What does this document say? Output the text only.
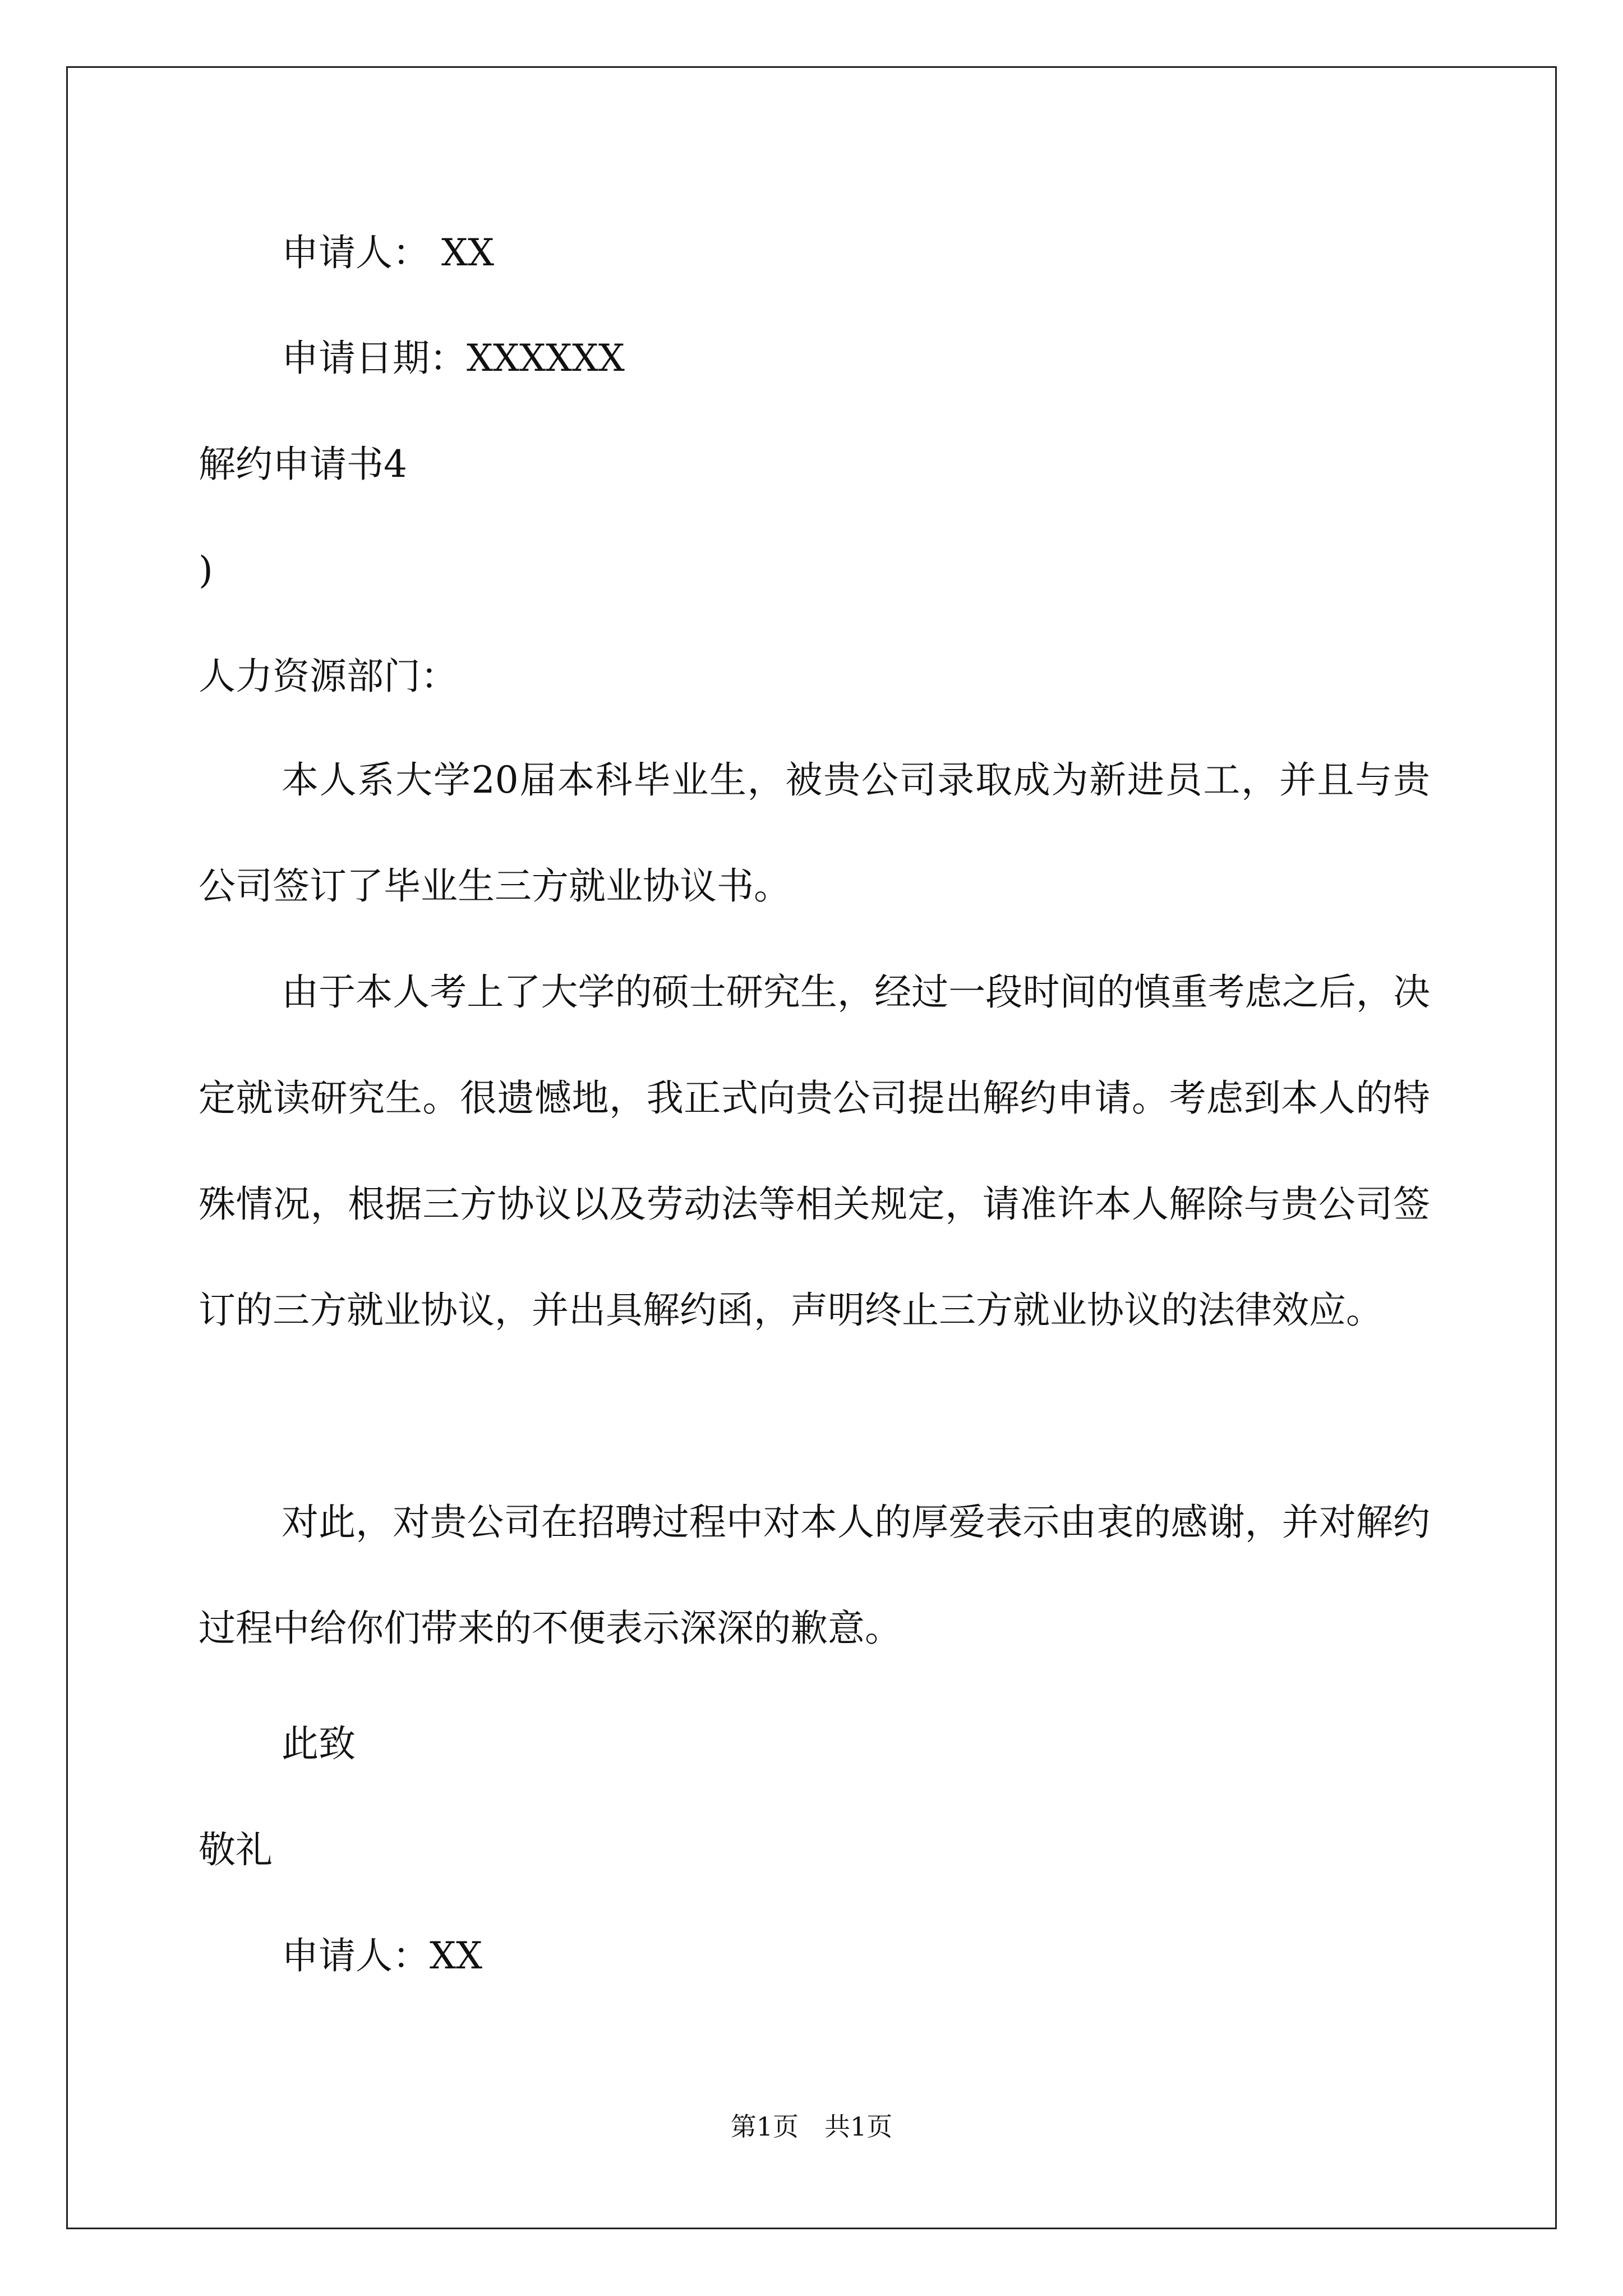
申请人： XX
申请日期：XXXXXX
解约申请书4
)
人力资源部门：

本人系大学20届本科毕业生，被贵公司录取成为新进员工，并且与贵公司签订了毕业生三方就业协议书。

由于本人考上了大学的硕士研究生，经过一段时间的慎重考虑之后，决定就读研究生。很遗憾地，我正式向贵公司提出解约申请。考虑到本人的特殊情况，根据三方协议以及劳动法等相关规定，请准许本人解除与贵公司签订的三方就业协议，并出具解约函，声明终止三方就业协议的法律效应。

对此，对贵公司在招聘过程中对本人的厚爱表示由衷的感谢，并对解约过程中给你们带来的不便表示深深的歉意。

此致
敬礼
申请人：XX
第1页　共1页
